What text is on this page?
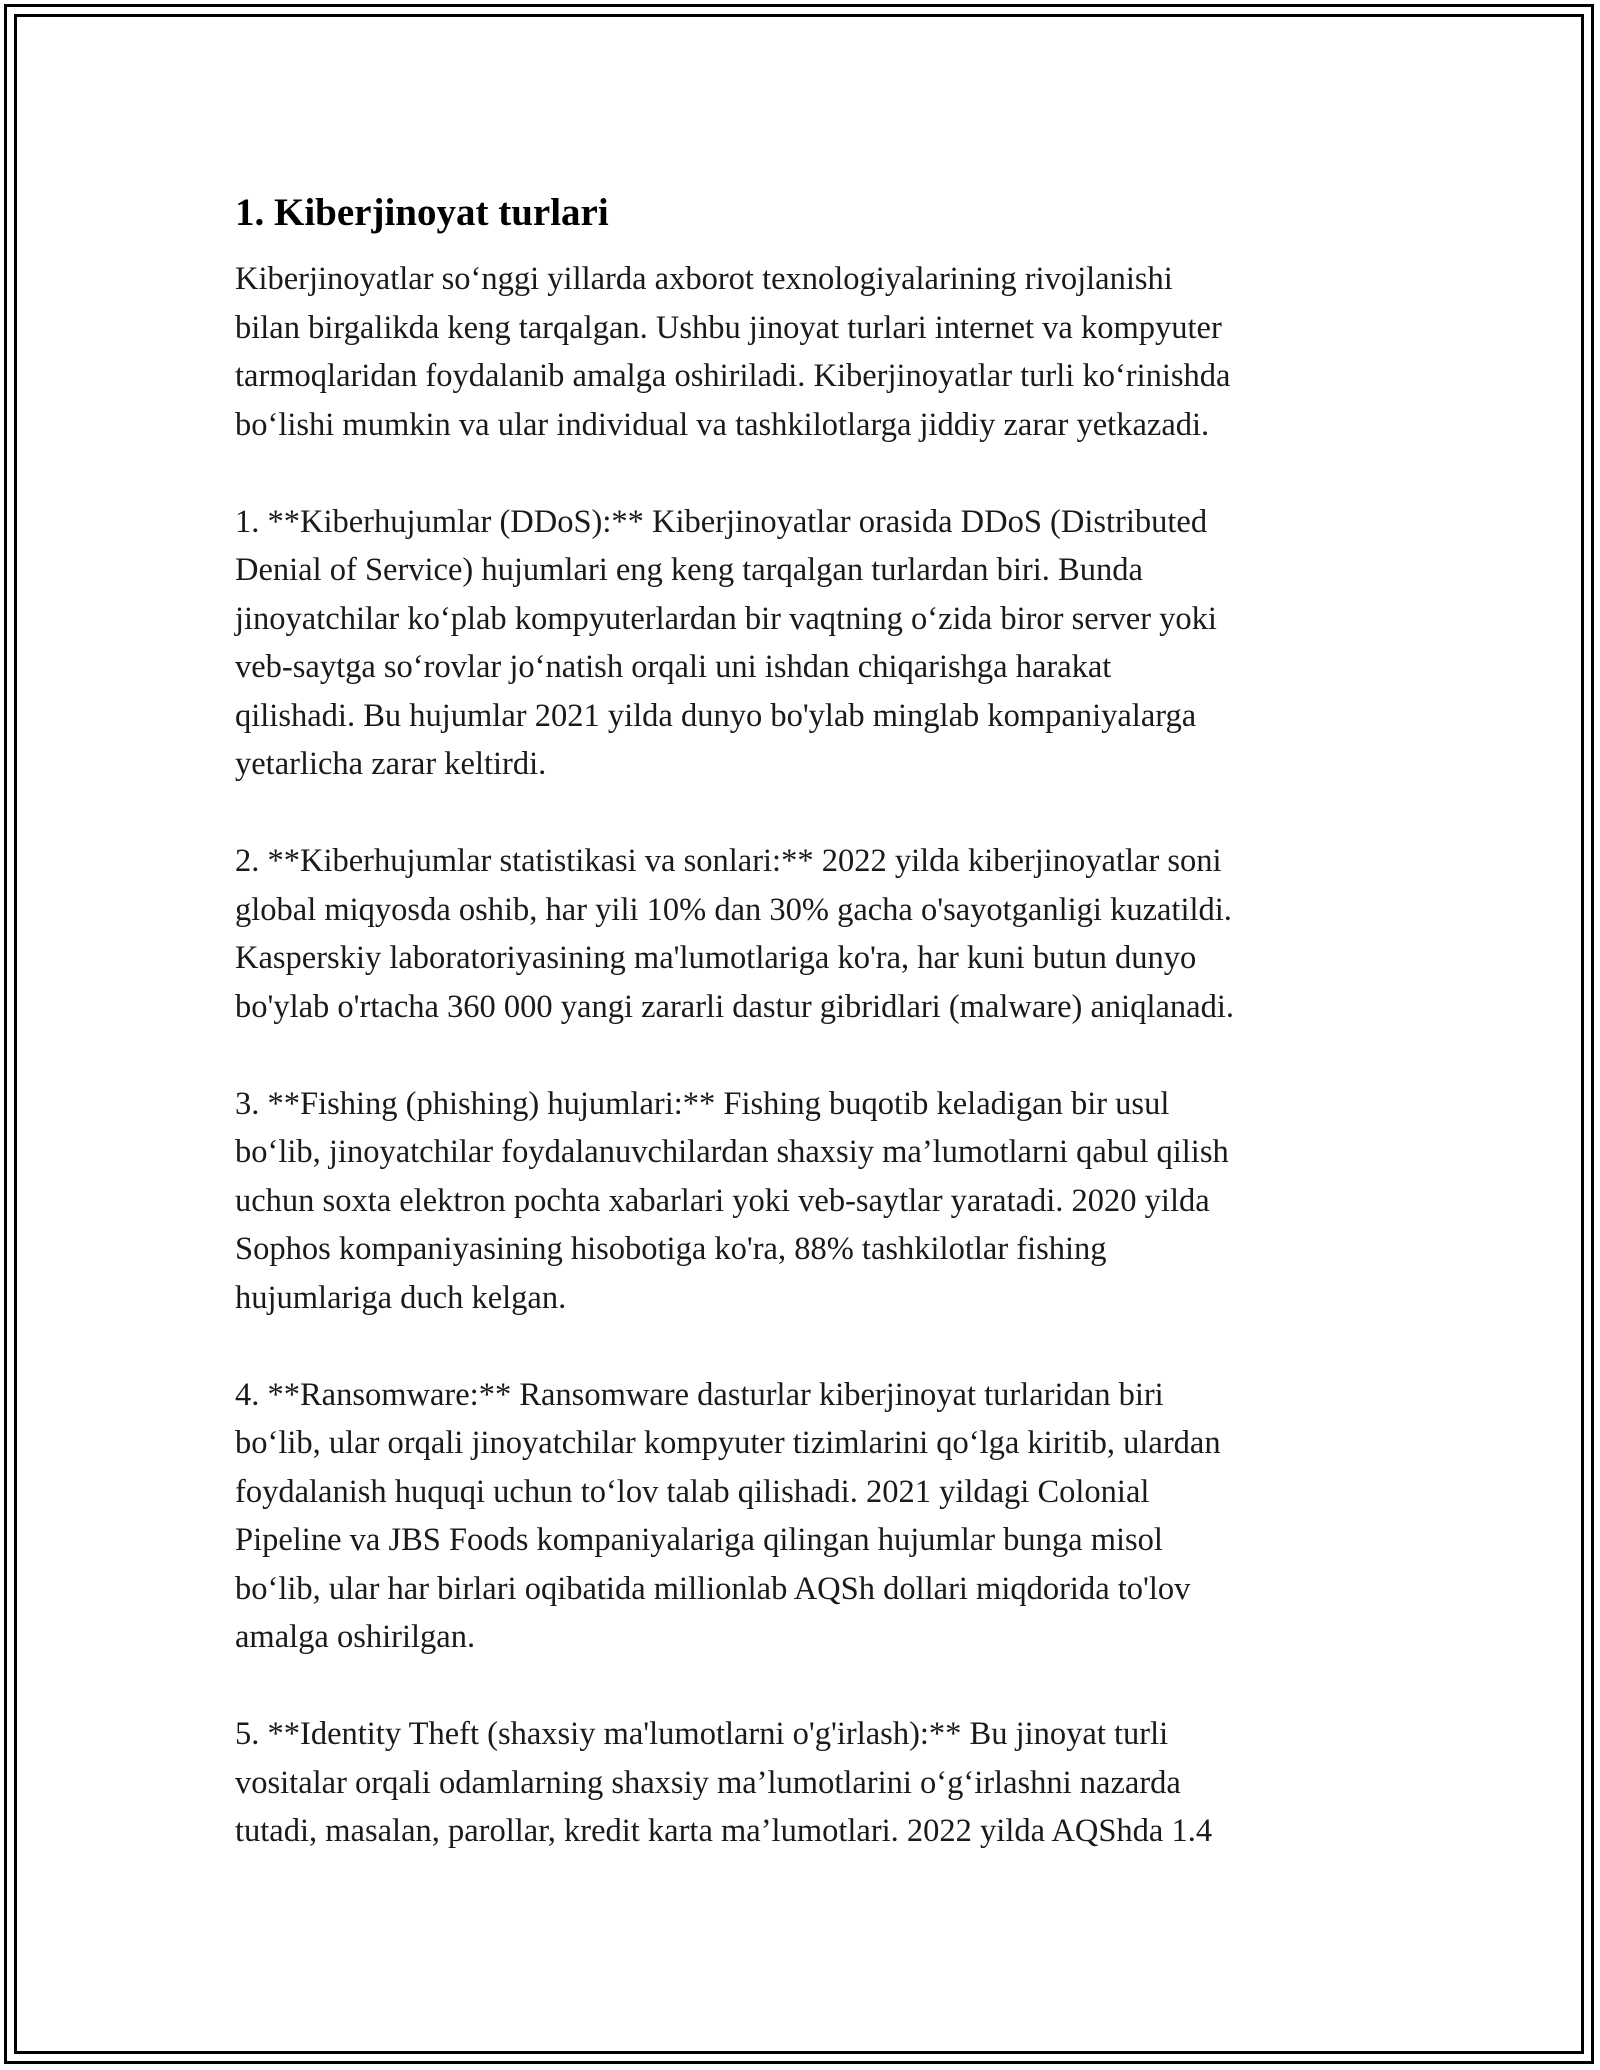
1. Kiberjinoyat turlari

Kiberjinoyatlar so‘nggi yillarda axborot texnologiyalarining rivojlanishi
bilan birgalikda keng tarqalgan. Ushbu jinoyat turlari internet va kompyuter
tarmoqlaridan foydalanib amalga oshiriladi. Kiberjinoyatlar turli ko‘rinishda
bo‘lishi mumkin va ular individual va tashkilotlarga jiddiy zarar yetkazadi.

1. **Kiberhujumlar (DDoS):** Kiberjinoyatlar orasida DDoS (Distributed
Denial of Service) hujumlari eng keng tarqalgan turlardan biri. Bunda
jinoyatchilar ko‘plab kompyuterlardan bir vaqtning o‘zida biror server yoki
veb-saytga so‘rovlar jo‘natish orqali uni ishdan chiqarishga harakat
qilishadi. Bu hujumlar 2021 yilda dunyo bo'ylab minglab kompaniyalarga
yetarlicha zarar keltirdi.

2. **Kiberhujumlar statistikasi va sonlari:** 2022 yilda kiberjinoyatlar soni
global miqyosda oshib, har yili 10% dan 30% gacha o'sayotganligi kuzatildi.
Kasperskiy laboratoriyasining ma'lumotlariga ko'ra, har kuni butun dunyo
bo'ylab o'rtacha 360 000 yangi zararli dastur gibridlari (malware) aniqlanadi.

3. **Fishing (phishing) hujumlari:** Fishing buqotib keladigan bir usul
bo‘lib, jinoyatchilar foydalanuvchilardan shaxsiy ma’lumotlarni qabul qilish
uchun soxta elektron pochta xabarlari yoki veb-saytlar yaratadi. 2020 yilda
Sophos kompaniyasining hisobotiga ko'ra, 88% tashkilotlar fishing
hujumlariga duch kelgan.

4. **Ransomware:** Ransomware dasturlar kiberjinoyat turlaridan biri
bo‘lib, ular orqali jinoyatchilar kompyuter tizimlarini qo‘lga kiritib, ulardan
foydalanish huquqi uchun to‘lov talab qilishadi. 2021 yildagi Colonial
Pipeline va JBS Foods kompaniyalariga qilingan hujumlar bunga misol
bo‘lib, ular har birlari oqibatida millionlab AQSh dollari miqdorida to'lov
amalga oshirilgan.

5. **Identity Theft (shaxsiy ma'lumotlarni o'g'irlash):** Bu jinoyat turli
vositalar orqali odamlarning shaxsiy ma’lumotlarini o‘g‘irlashni nazarda
tutadi, masalan, parollar, kredit karta ma’lumotlari. 2022 yilda AQShda 1.4
